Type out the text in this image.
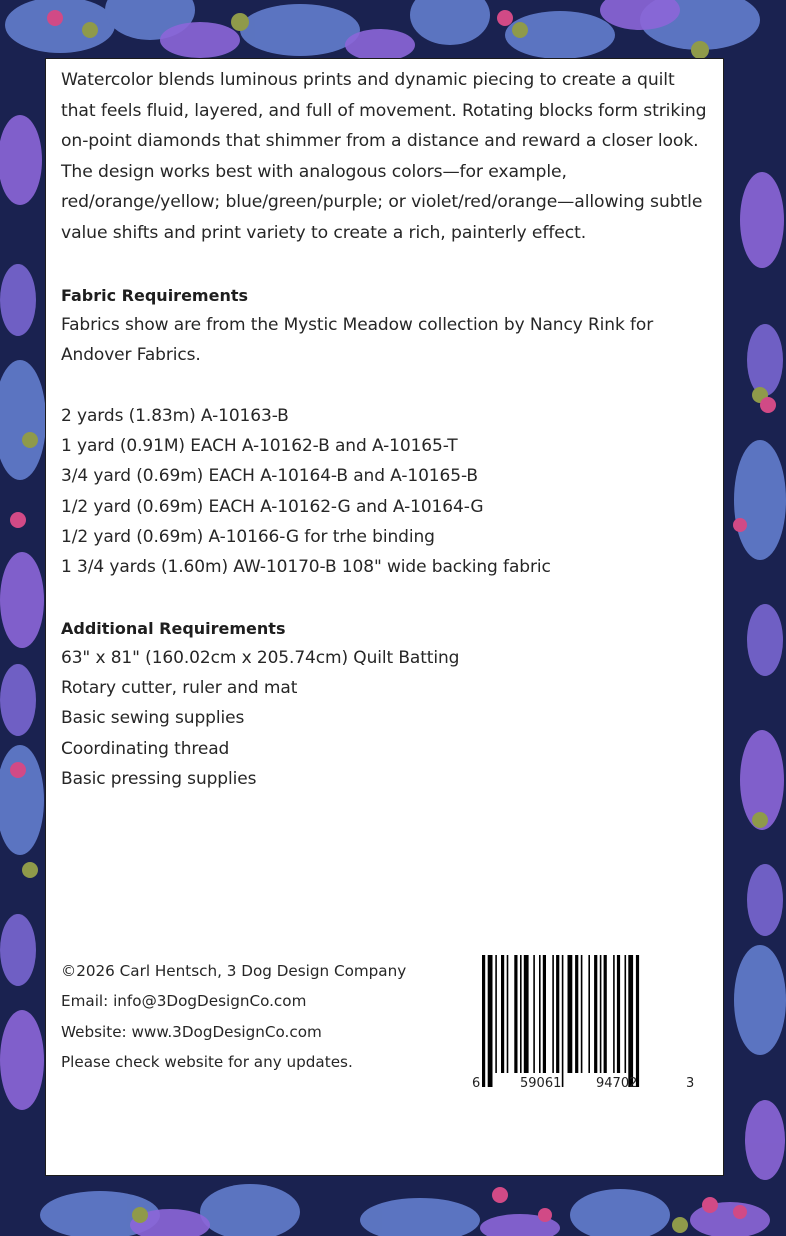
Watercolor blends luminous prints and dynamic piecing to create a quilt that feels fluid, layered, and full of movement. Rotating blocks form striking on-point diamonds that shimmer from a distance and reward a closer look. The design works best with analogous colors—for example, red/orange/yellow; blue/green/purple; or violet/red/orange—allowing subtle value shifts and print variety to create a rich, painterly effect.

Fabric Requirements
Fabrics show are from the Mystic Meadow collection by Nancy Rink for
Andover Fabrics.
2 yards (1.83m) A-10163-B
1 yard (0.91M) EACH A-10162-B and A-10165-T
3/4 yard (0.69m) EACH A-10164-B and A-10165-B
1/2 yard (0.69m) EACH A-10162-G and A-10164-G
1/2 yard (0.69m) A-10166-G for trhe binding
1 3/4 yards (1.60m) AW-10170-B 108" wide backing fabric
Additional Requirements
63" x 81" (160.02cm x 205.74cm) Quilt Batting
Rotary cutter, ruler and mat
Basic sewing supplies
Coordinating thread
Basic pressing supplies
©2026 Carl Hentsch, 3 Dog Design Company
Email: info@3DogDesignCo.com
Website: www.3DogDesignCo.com
Please check website for any updates.
6	59061	94702	3
